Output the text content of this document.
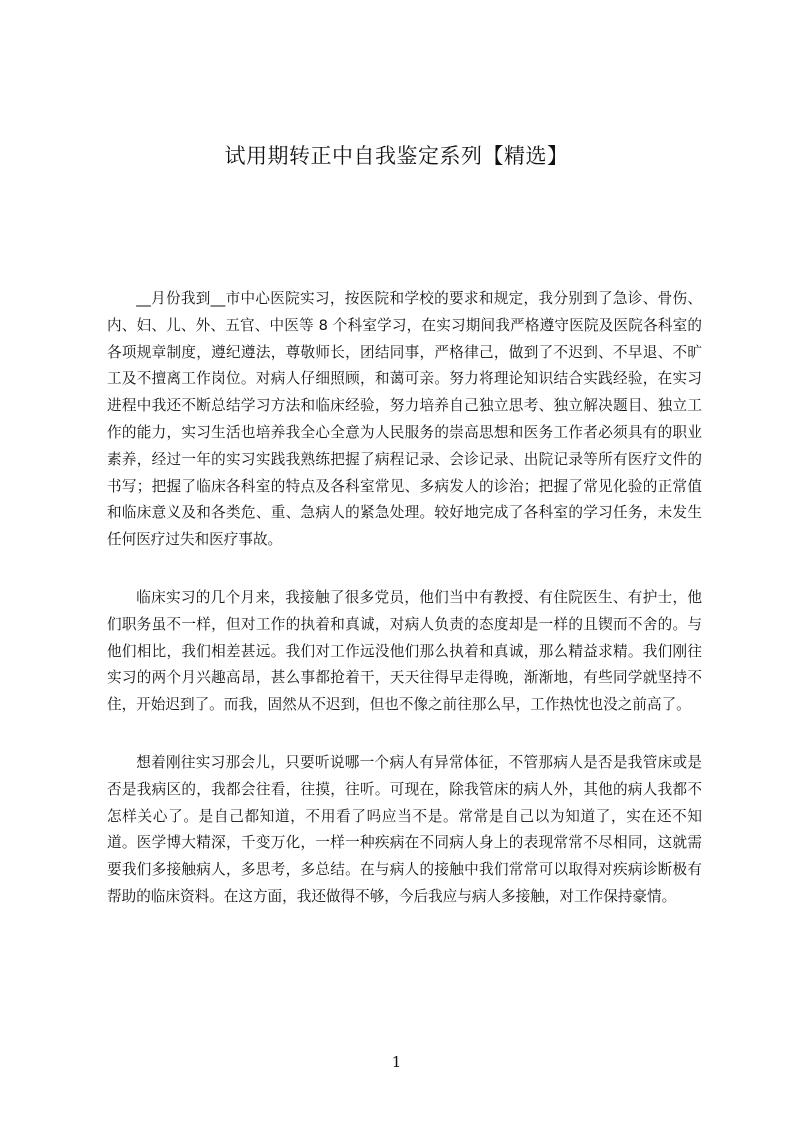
试用期转正中自我鉴定系列【精选】

__月份我到__市中心医院实习，按医院和学校的要求和规定，我分别到了急诊、骨伤、内、妇、儿、外、五官、中医等 8 个科室学习，在实习期间我严格遵守医院及医院各科室的各项规章制度，遵纪遵法，尊敬师长，团结同事，严格律己，做到了不迟到、不早退、不旷工及不擅离工作岗位。对病人仔细照顾，和蔼可亲。努力将理论知识结合实践经验，在实习进程中我还不断总结学习方法和临床经验，努力培养自己独立思考、独立解决题目、独立工作的能力，实习生活也培养我全心全意为人民服务的崇高思想和医务工作者必须具有的职业素养，经过一年的实习实践我熟练把握了病程记录、会诊记录、出院记录等所有医疗文件的书写；把握了临床各科室的特点及各科室常见、多病发人的诊治；把握了常见化验的正常值和临床意义及和各类危、重、急病人的紧急处理。较好地完成了各科室的学习任务，未发生任何医疗过失和医疗事故。

临床实习的几个月来，我接触了很多党员，他们当中有教授、有住院医生、有护士，他们职务虽不一样，但对工作的执着和真诚，对病人负责的态度却是一样的且锲而不舍的。与他们相比，我们相差甚远。我们对工作远没他们那么执着和真诚，那么精益求精。我们刚往实习的两个月兴趣高昂，甚么事都抢着干，天天往得早走得晚，渐渐地，有些同学就坚持不住，开始迟到了。而我，固然从不迟到，但也不像之前往那么早，工作热忱也没之前高了。

想着刚往实习那会儿，只要听说哪一个病人有异常体征，不管那病人是否是我管床或是否是我病区的，我都会往看，往摸，往听。可现在，除我管床的病人外，其他的病人我都不怎样关心了。是自己都知道，不用看了吗应当不是。常常是自己以为知道了，实在还不知道。医学博大精深，千变万化，一样一种疾病在不同病人身上的表现常常不尽相同，这就需要我们多接触病人，多思考，多总结。在与病人的接触中我们常常可以取得对疾病诊断极有帮助的临床资料。在这方面，我还做得不够，今后我应与病人多接触，对工作保持豪情。

1
